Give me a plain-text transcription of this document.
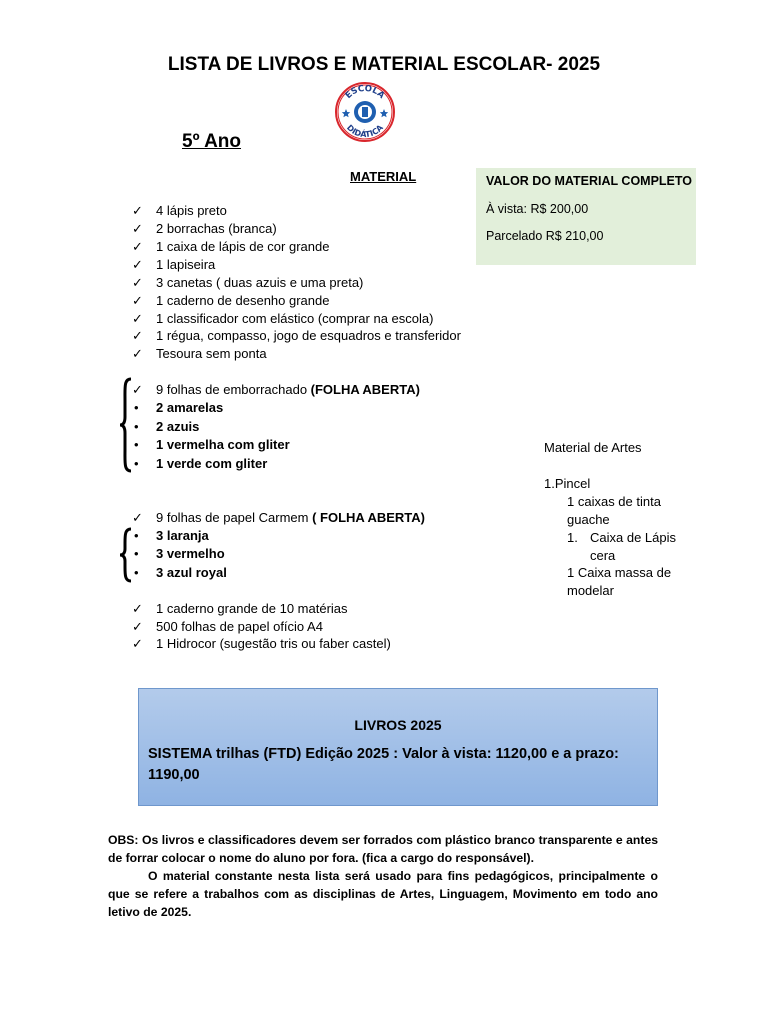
LISTA DE LIVROS E MATERIAL ESCOLAR- 2025
ESCOLA
DIDÁTICA
5º Ano
MATERIAL	VALOR DO MATERIAL COMPLETO
À vista: R$ 200,00
Parcelado R$ 210,00
✓	4 lápis preto
✓	2 borrachas (branca)
✓	1 caixa de lápis de cor grande
✓	1 lapiseira
✓	3 canetas ( duas azuis e uma preta)
✓	1 caderno de desenho grande
✓	1 classificador com elástico (comprar na escola)
✓	1 régua, compasso, jogo de esquadros e transferidor
✓	Tesoura sem ponta
✓	9 folhas de emborrachado (FOLHA ABERTA)
•	2 amarelas
•	2 azuis
•	1 vermelha com gliter
•	1 verde com gliter
✓	9 folhas de papel Carmem ( FOLHA ABERTA)
•	3 laranja
•	3 vermelho
•	3 azul royal
✓	1 caderno grande de 10 matérias
✓	500 folhas de papel ofício A4
✓	1 Hidrocor (sugestão tris ou faber castel)
Material de Artes
1.Pincel
1 caixas de tinta
guache
1. Caixa de Lápis
cera
1 Caixa massa de
modelar
LIVROS 2025
SISTEMA trilhas (FTD) Edição 2025 : Valor à vista: 1120,00 e a prazo: 1190,00

OBS: Os livros e classificadores devem ser forrados com plástico branco transparente e antes de forrar colocar o nome do aluno por fora. (fica a cargo do responsável).

O material constante nesta lista será usado para fins pedagógicos, principalmente o que se refere a trabalhos com as disciplinas de Artes, Linguagem, Movimento em todo ano letivo de 2025.
